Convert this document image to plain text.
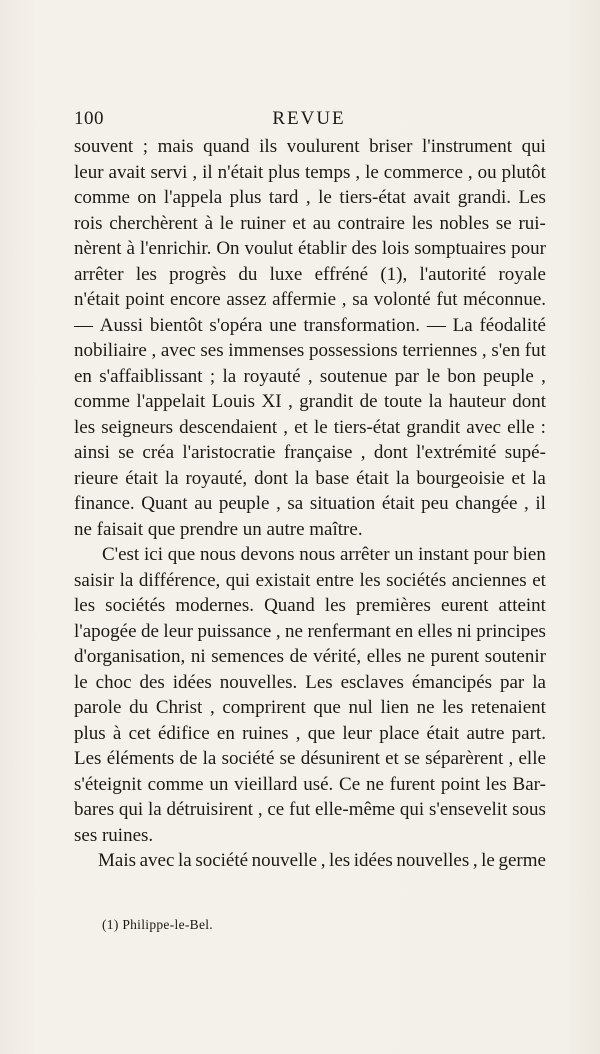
100	REVUE
souvent ; mais quand ils voulurent briser l'instrument qui
leur avait servi , il n'était plus temps , le commerce , ou plutôt
comme on l'appela plus tard , le tiers-état avait grandi. Les
rois cherchèrent à le ruiner et au contraire les nobles se rui-
nèrent à l'enrichir. On voulut établir des lois somptuaires pour
arrêter les progrès du luxe effréné (1), l'autorité royale
n'était point encore assez affermie , sa volonté fut méconnue.
— Aussi bientôt s'opéra une transformation. — La féodalité
nobiliaire , avec ses immenses possessions terriennes , s'en fut
en s'affaiblissant ; la royauté , soutenue par le bon peuple ,
comme l'appelait Louis XI , grandit de toute la hauteur dont
les seigneurs descendaient , et le tiers-état grandit avec elle :
ainsi se créa l'aristocratie française , dont l'extrémité supé-
rieure était la royauté, dont la base était la bourgeoisie et la
finance. Quant au peuple , sa situation était peu changée , il
ne faisait que prendre un autre maître.
C'est ici que nous devons nous arrêter un instant pour bien
saisir la différence, qui existait entre les sociétés anciennes et
les sociétés modernes. Quand les premières eurent atteint
l'apogée de leur puissance , ne renfermant en elles ni principes
d'organisation, ni semences de vérité, elles ne purent soutenir
le choc des idées nouvelles. Les esclaves émancipés par la
parole du Christ , comprirent que nul lien ne les retenaient
plus à cet édifice en ruines , que leur place était autre part.
Les éléments de la société se désunirent et se séparèrent , elle
s'éteignit comme un vieillard usé. Ce ne furent point les Bar-
bares qui la détruisirent , ce fut elle-même qui s'ensevelit sous
ses ruines.
Mais avec la société nouvelle , les idées nouvelles , le germe
(1) Philippe-le-Bel.
